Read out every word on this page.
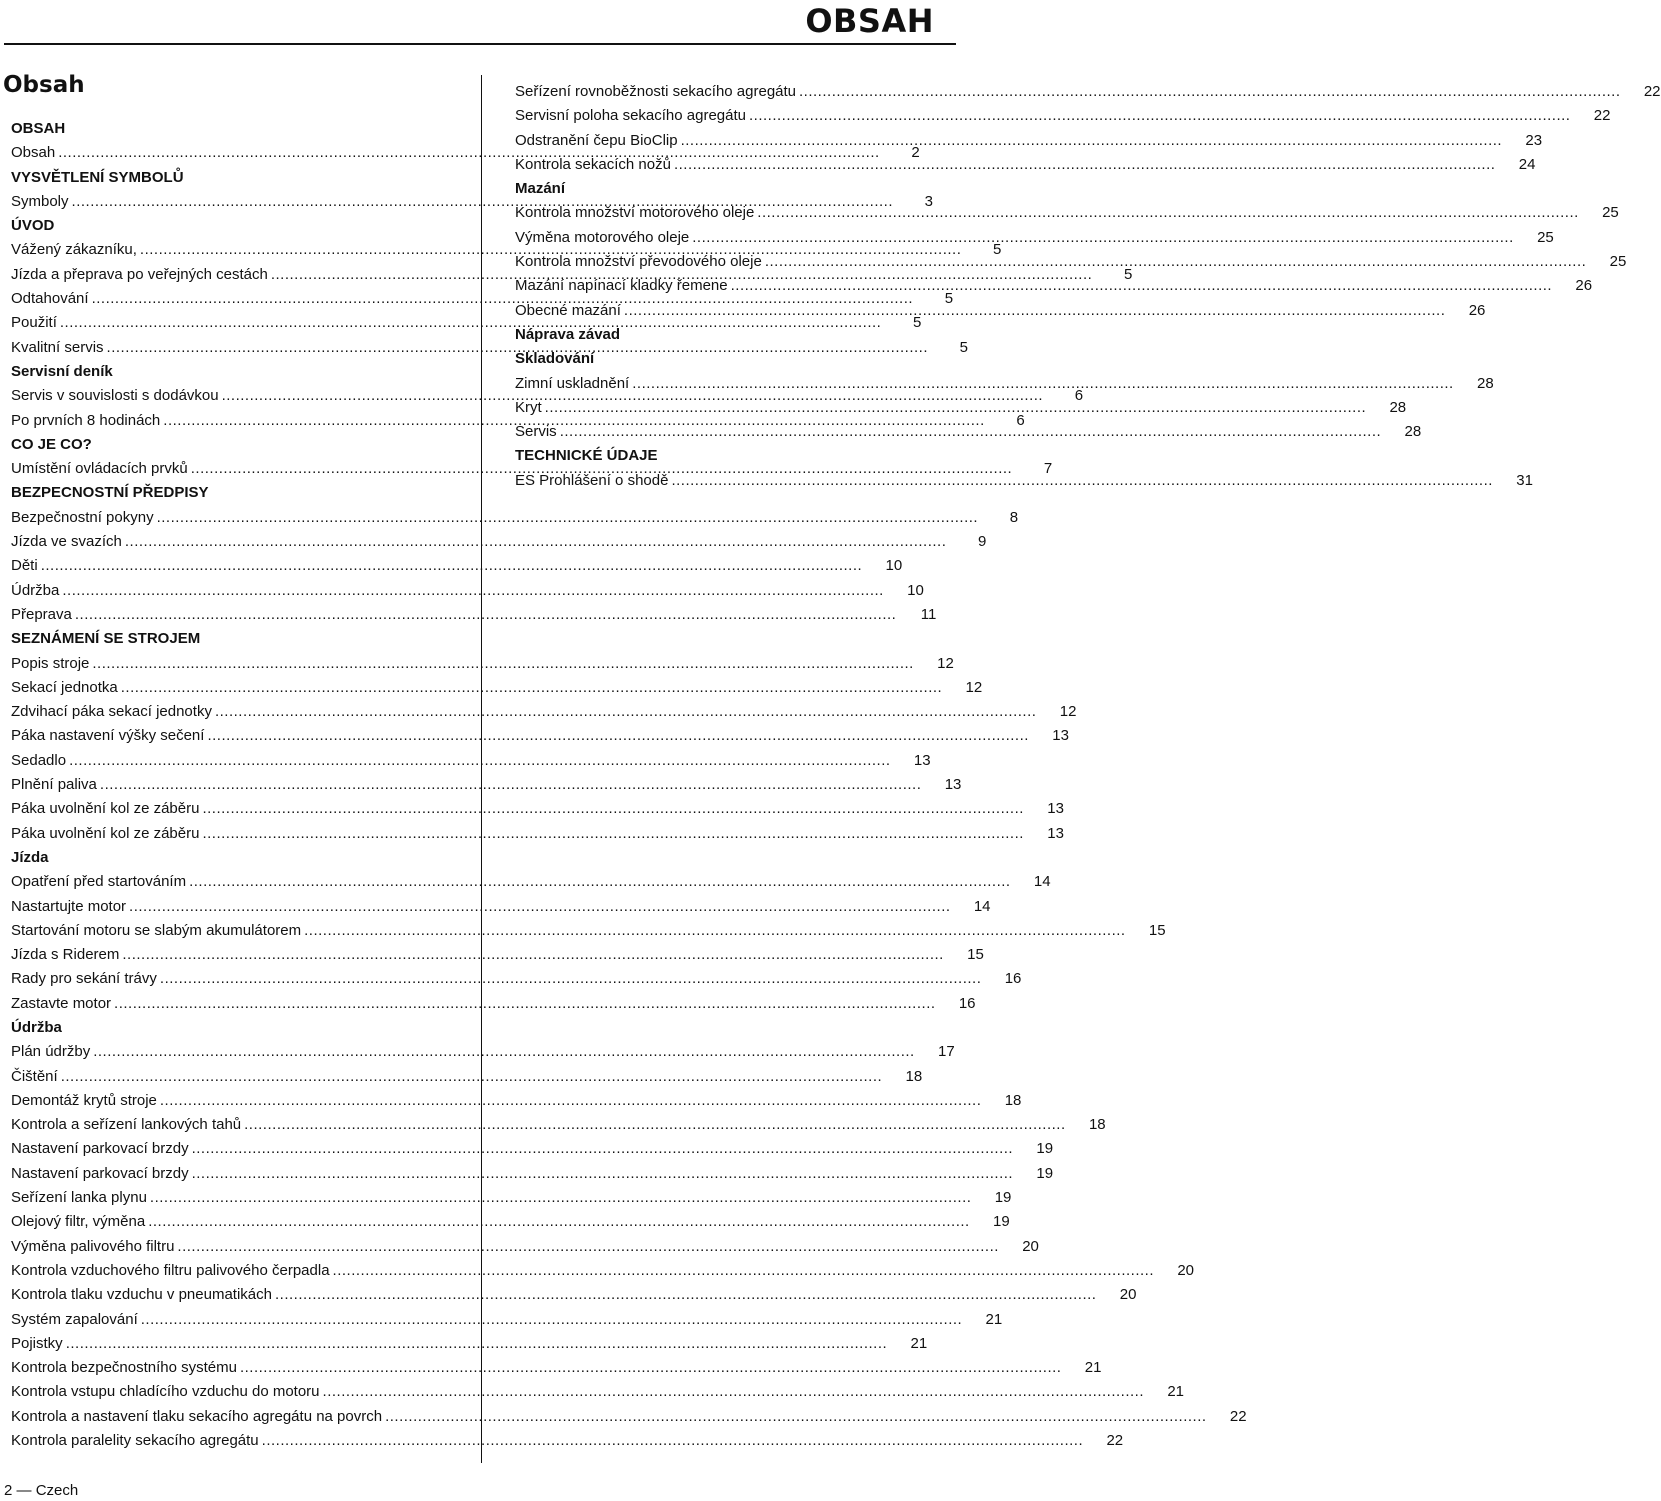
OBSAH
Obsah
OBSAH
Obsah .....	2
VYSVĚTLENÍ SYMBOLŮ
Symboly .....	3
ÚVOD
Vážený zákazníku, .....	5
Jízda a přeprava po veřejných cestách .....	5
Odtahování .....	5
Použití .....	5
Kvalitní servis .....	5
Servisní deník
Servis v souvislosti s dodávkou .....	6
Po prvních 8 hodinách .....	6
CO JE CO?
Umístění ovládacích prvků .....	7
BEZPECNOSTNÍ PŘEDPISY
Bezpečnostní pokyny .....	8
Jízda ve svazích .....	9
Děti .....	10
Údržba .....	10
Přeprava .....	11
SEZNÁMENÍ SE STROJEM
Popis stroje .....	12
Sekací jednotka .....	12
Zdvihací páka sekací jednotky .....	12
Páka nastavení výšky sečení .....	13
Sedadlo .....	13
Plnění paliva .....	13
Páka uvolnění kol ze záběru .....	13
Páka uvolnění kol ze záběru .....	13
Jízda
Opatření před startováním .....	14
Nastartujte motor .....	14
Startování motoru se slabým akumulátorem .....	15
Jízda s Riderem .....	15
Rady pro sekání trávy .....	16
Zastavte motor .....	16
Údržba
Plán údržby .....	17
Čištění .....	18
Demontáž krytů stroje .....	18
Kontrola a seřízení lankových tahů .....	18
Nastavení parkovací brzdy .....	19
Nastavení parkovací brzdy .....	19
Seřízení lanka plynu .....	19
Olejový filtr, výměna .....	19
Výměna palivového filtru .....	20
Kontrola vzduchového filtru palivového čerpadla .....	20
Kontrola tlaku vzduchu v pneumatikách .....	20
Systém zapalování .....	21
Pojistky .....	21
Kontrola bezpečnostního systému .....	21
Kontrola vstupu chladícího vzduchu do motoru .....	21
Kontrola a nastavení tlaku sekacího agregátu na povrch .....	22
Kontrola paralelity sekacího agregátu .....	22
Seřízení rovnoběžnosti sekacího agregátu .....	22
Servisní poloha sekacího agregátu .....	22
Odstranění čepu BioClip .....	23
Kontrola sekacích nožů .....	24
Mazání
Kontrola množství motorového oleje .....	25
Výměna motorového oleje .....	25
Kontrola množství převodového oleje .....	25
Mazání napínací kladky řemene .....	26
Obecné mazání .....	26
Náprava závad
Skladování
Zimní uskladnění .....	28
Kryt .....	28
Servis .....	28
TECHNICKÉ ÚDAJE
ES Prohlášení o shodě .....	31
2 — Czech
